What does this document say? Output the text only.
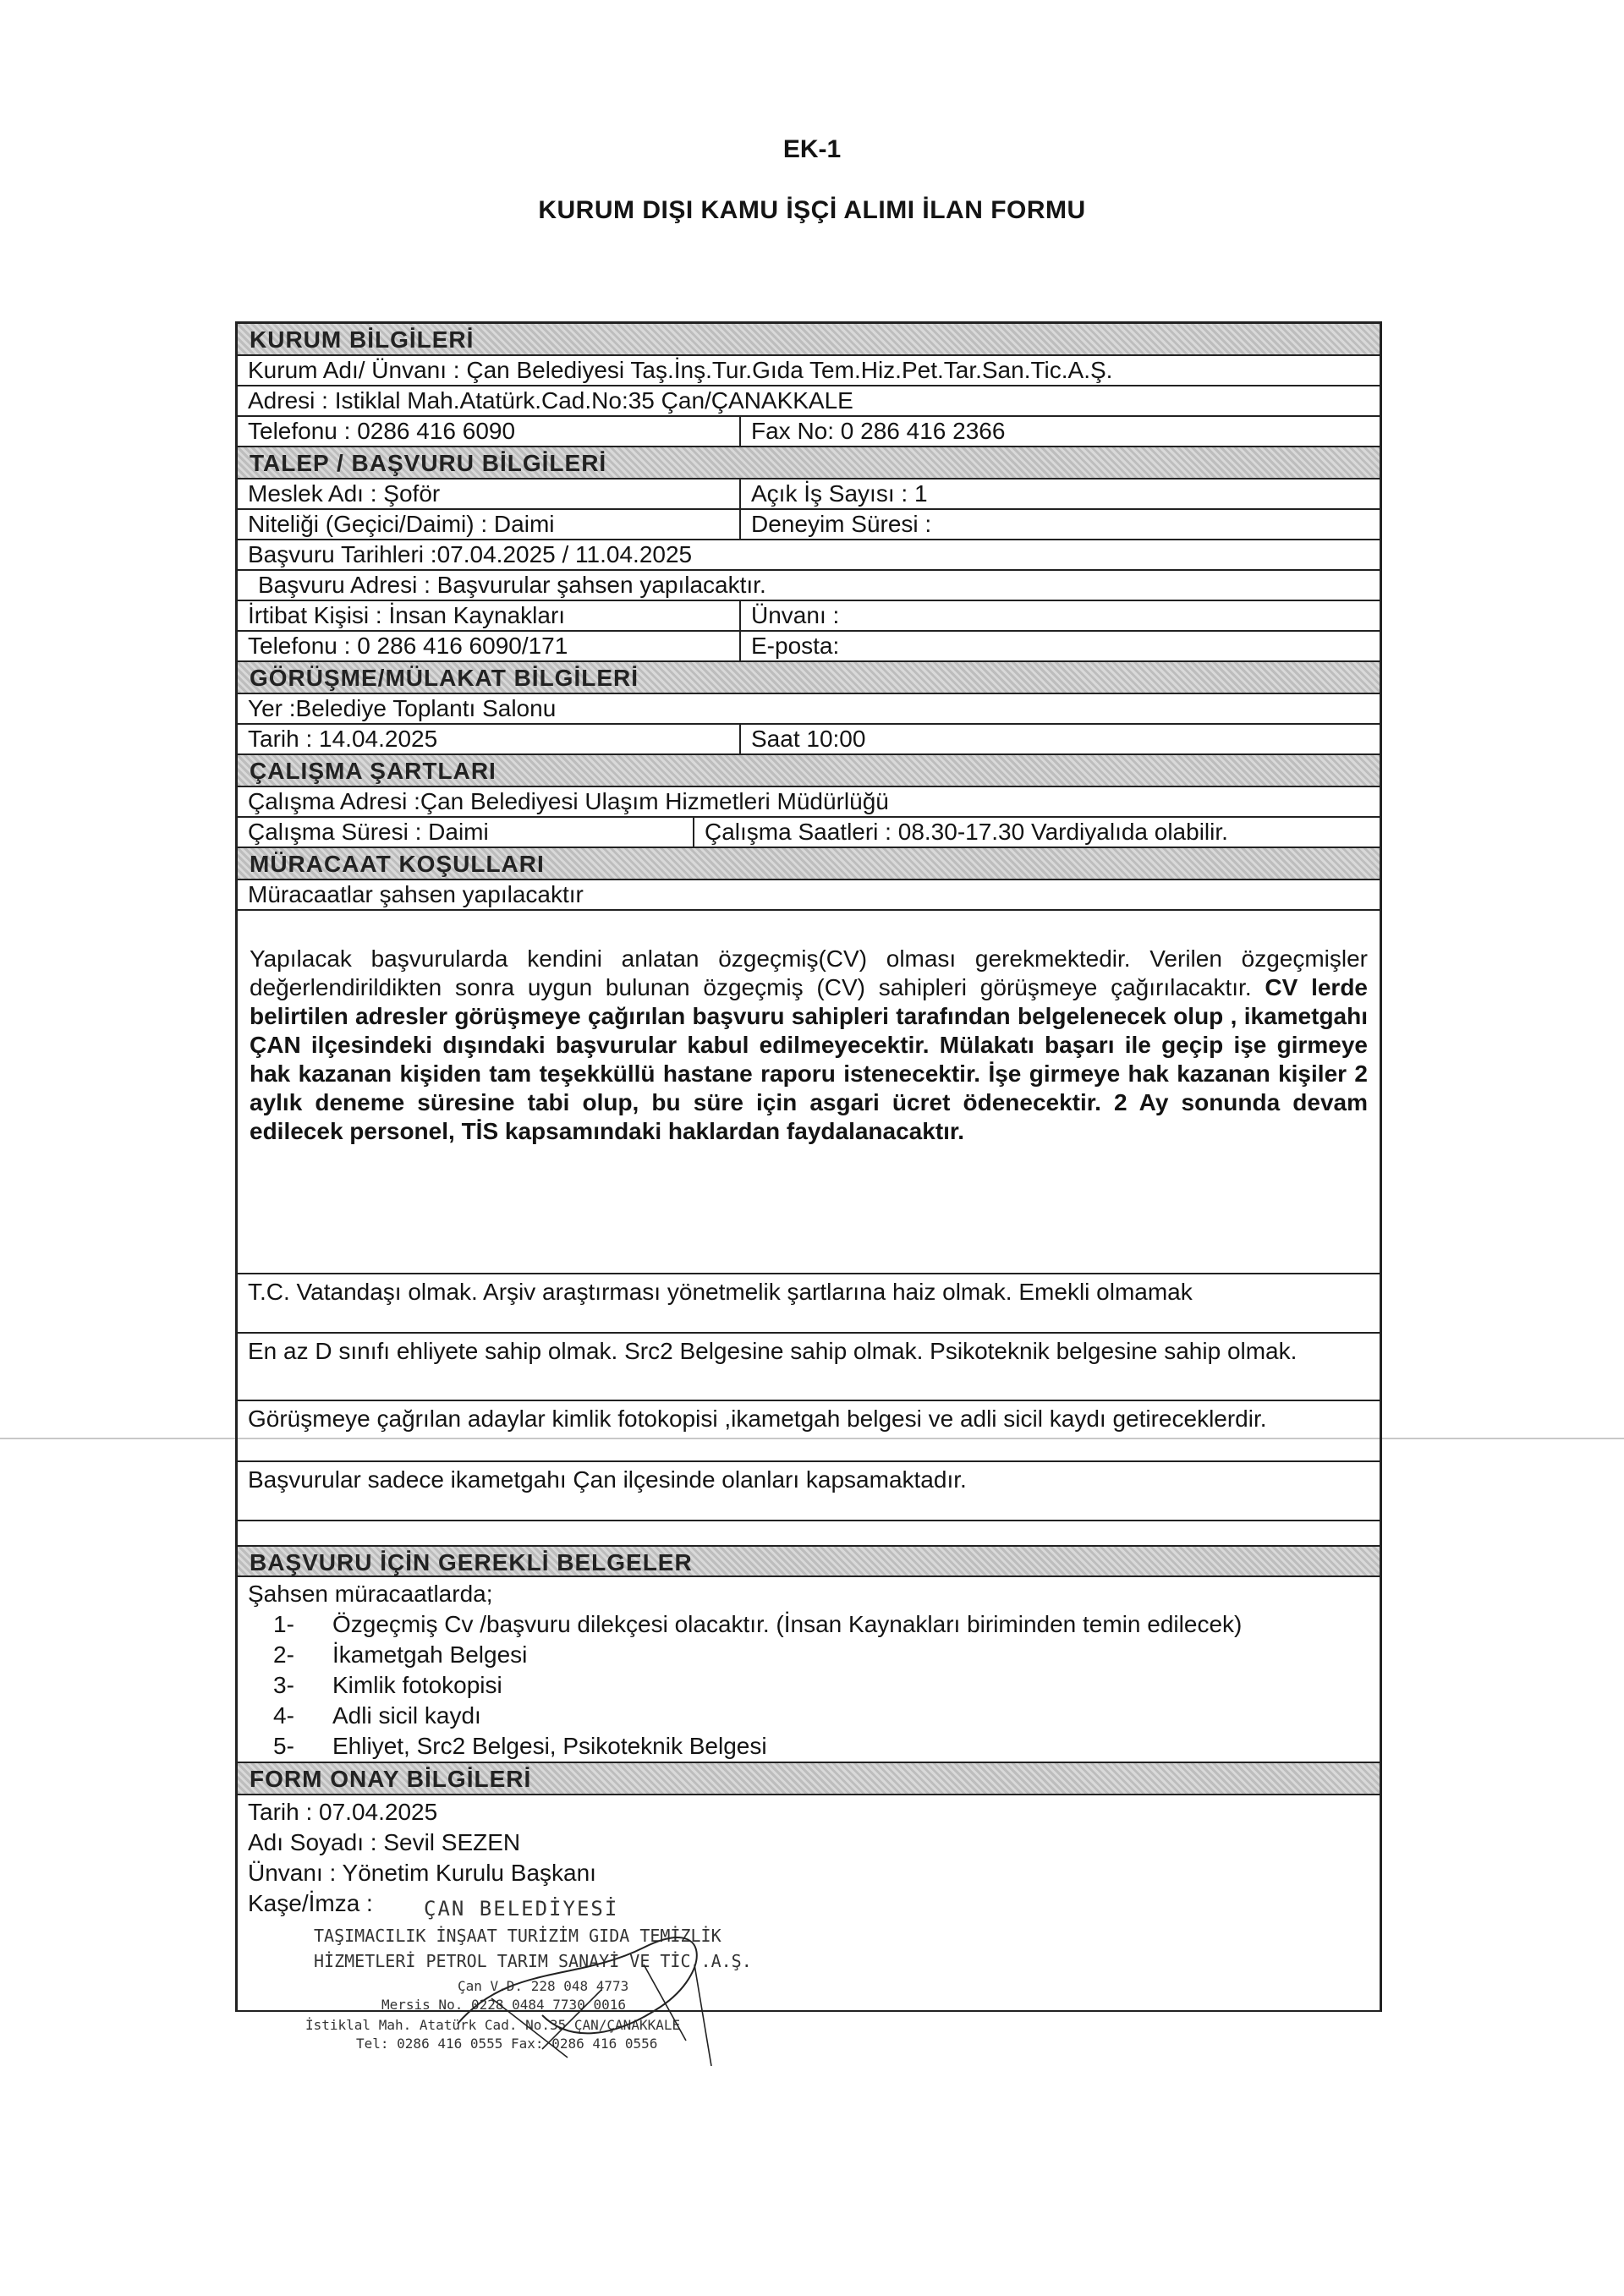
EK-1
KURUM DIŞI KAMU İŞÇİ ALIMI İLAN FORMU
KURUM BİLGİLERİ
Kurum Adı/ Ünvanı : Çan Belediyesi Taş.İnş.Tur.Gıda Tem.Hiz.Pet.Tar.San.Tic.A.Ş.
Adresi : Istiklal Mah.Atatürk.Cad.No:35 Çan/ÇANAKKALE
Telefonu : 0286 416 6090	Fax No: 0 286 416 2366
TALEP / BAŞVURU BİLGİLERİ
Meslek Adı : Şoför	Açık İş Sayısı : 1
Niteliği (Geçici/Daimi) : Daimi	Deneyim Süresi :
Başvuru Tarihleri :07.04.2025 / 11.04.2025
Başvuru Adresi : Başvurular şahsen yapılacaktır.
İrtibat Kişisi : İnsan Kaynakları	Ünvanı :
Telefonu : 0 286 416 6090/171	E-posta:
GÖRÜŞME/MÜLAKAT BİLGİLERİ
Yer :Belediye Toplantı Salonu
Tarih : 14.04.2025	Saat 10:00
ÇALIŞMA ŞARTLARI
Çalışma Adresi :Çan Belediyesi Ulaşım Hizmetleri Müdürlüğü
Çalışma Süresi : Daimi	Çalışma Saatleri : 08.30-17.30 Vardiyalıda olabilir.
MÜRACAAT KOŞULLARI
Müracaatlar şahsen yapılacaktır
Yapılacak başvurularda kendini anlatan özgeçmiş(CV) olması gerekmektedir. Verilen özgeçmişler değerlendirildikten sonra uygun bulunan özgeçmiş (CV) sahipleri görüşmeye çağırılacaktır. CV lerde belirtilen adresler görüşmeye çağırılan başvuru sahipleri tarafından belgelenecek olup , ikametgahı ÇAN ilçesindeki dışındaki başvurular kabul edilmeyecektir. Mülakatı başarı ile geçip işe girmeye hak kazanan kişiden tam teşekküllü hastane raporu istenecektir. İşe girmeye hak kazanan kişiler 2 aylık deneme süresine tabi olup, bu süre için asgari ücret ödenecektir. 2 Ay sonunda devam edilecek personel, TİS kapsamındaki haklardan faydalanacaktır.
T.C. Vatandaşı olmak. Arşiv araştırması yönetmelik şartlarına haiz olmak. Emekli olmamak
En az D sınıfı ehliyete sahip olmak. Src2 Belgesine sahip olmak. Psikoteknik belgesine sahip olmak.
Görüşmeye çağrılan adaylar kimlik fotokopisi ,ikametgah belgesi ve adli sicil kaydı getireceklerdir.
Başvurular sadece ikametgahı Çan ilçesinde olanları kapsamaktadır.
BAŞVURU İÇİN GEREKLİ BELGELER
Şahsen müracaatlarda;
1- Özgeçmiş Cv /başvuru dilekçesi olacaktır. (İnsan Kaynakları biriminden temin edilecek)
2- İkametgah Belgesi
3- Kimlik fotokopisi
4- Adli sicil kaydı
5- Ehliyet, Src2 Belgesi, Psikoteknik Belgesi
FORM ONAY BİLGİLERİ
Tarih : 07.04.2025
Adı Soyadı : Sevil SEZEN
Ünvanı : Yönetim Kurulu Başkanı
Kaşe/İmza :	ÇAN BELEDİYESİ
TAŞIMACILIK İNŞAAT TURİZİM GIDA TEMİZLİK
HİZMETLERİ PETROL TARIM SANAYİ VE TİC .A.Ş.
Çan V.D. 228 048 4773
Mersis No. 0228 0484 7730 0016
İstiklal Mah. Atatürk Cad. No.35 ÇAN/ÇANAKKALE
Tel: 0286 416 0555 Fax: 0286 416 0556
